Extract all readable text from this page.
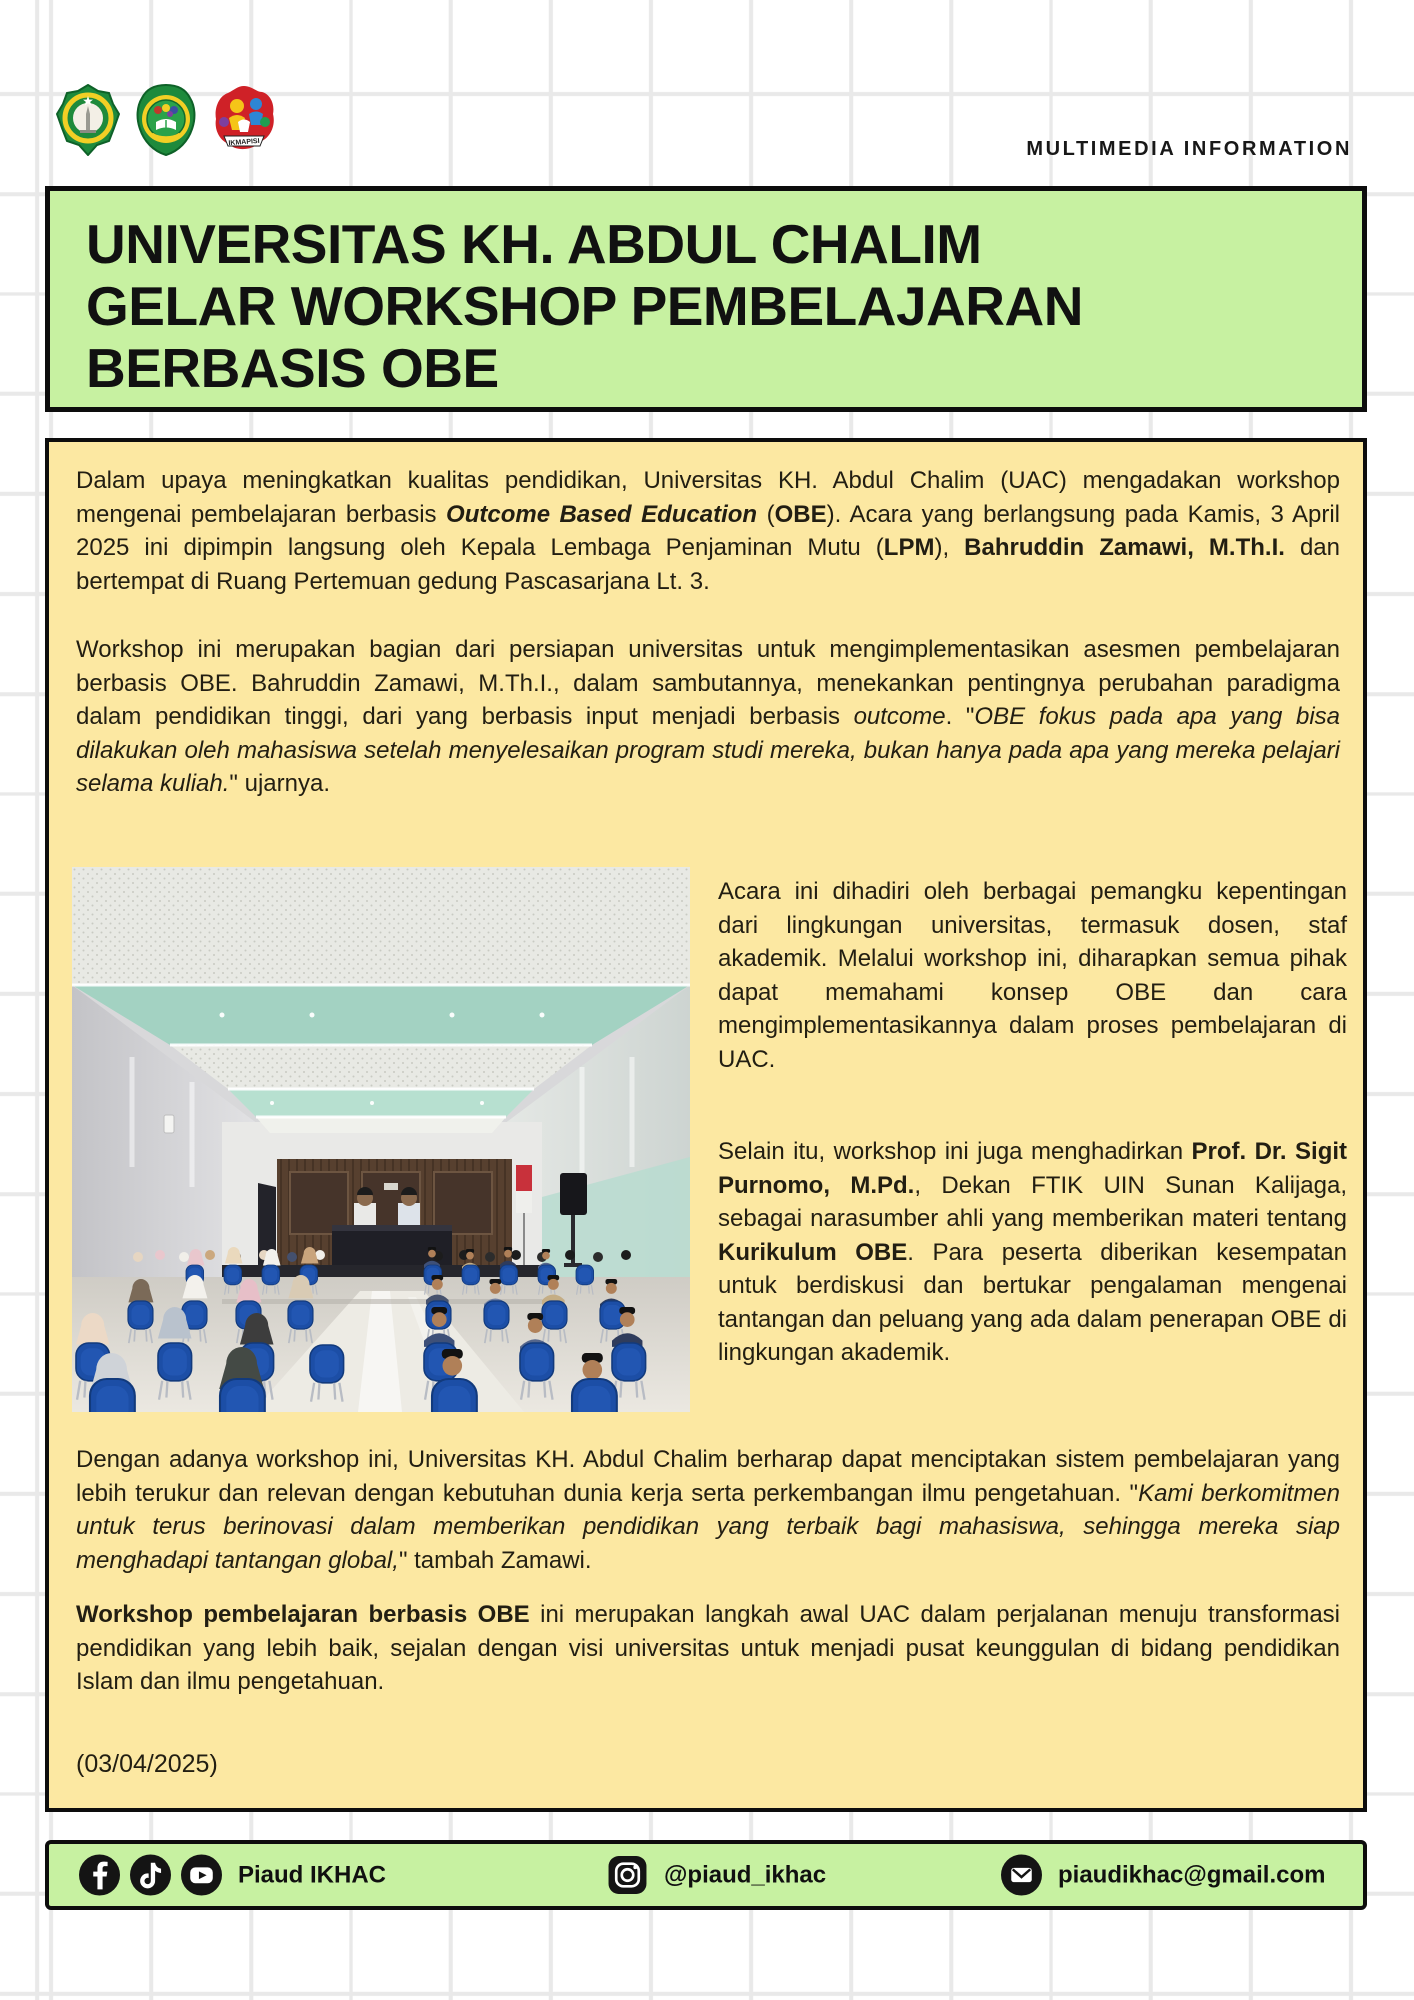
IKMAPISI	MULTIMEDIA INFORMATION
UNIVERSITAS KH. ABDUL CHALIM
GELAR WORKSHOP PEMBELAJARAN
BERBASIS OBE

Dalam upaya meningkatkan kualitas pendidikan, Universitas KH. Abdul Chalim (UAC) mengadakan workshop mengenai pembelajaran berbasis Outcome Based Education (OBE). Acara yang berlangsung pada Kamis, 3 April 2025 ini dipimpin langsung oleh Kepala Lembaga Penjaminan Mutu (LPM), Bahruddin Zamawi, M.Th.I. dan bertempat di Ruang Pertemuan gedung Pascasarjana Lt. 3.

Workshop ini merupakan bagian dari persiapan universitas untuk mengimplementasikan asesmen pembelajaran berbasis OBE. Bahruddin Zamawi, M.Th.I., dalam sambutannya, menekankan pentingnya perubahan paradigma dalam pendidikan tinggi, dari yang berbasis input menjadi berbasis outcome. "OBE fokus pada apa yang bisa dilakukan oleh mahasiswa setelah menyelesaikan program studi mereka, bukan hanya pada apa yang mereka pelajari selama kuliah." ujarnya.

Acara ini dihadiri oleh berbagai pemangku kepentingan dari lingkungan universitas, termasuk dosen, staf akademik. Melalui workshop ini, diharapkan semua pihak dapat memahami konsep OBE dan cara mengimplementasikannya dalam proses pembelajaran di UAC.

Selain itu, workshop ini juga menghadirkan Prof. Dr. Sigit Purnomo, M.Pd., Dekan FTIK UIN Sunan Kalijaga, sebagai narasumber ahli yang memberikan materi tentang Kurikulum OBE. Para peserta diberikan kesempatan untuk berdiskusi dan bertukar pengalaman mengenai tantangan dan peluang yang ada dalam penerapan OBE di lingkungan akademik.

Dengan adanya workshop ini, Universitas KH. Abdul Chalim berharap dapat menciptakan sistem pembelajaran yang lebih terukur dan relevan dengan kebutuhan dunia kerja serta perkembangan ilmu pengetahuan. "Kami berkomitmen untuk terus berinovasi dalam memberikan pendidikan yang terbaik bagi mahasiswa, sehingga mereka siap menghadapi tantangan global," tambah Zamawi.

Workshop pembelajaran berbasis OBE ini merupakan langkah awal UAC dalam perjalanan menuju transformasi pendidikan yang lebih baik, sejalan dengan visi universitas untuk menjadi pusat keunggulan di bidang pendidikan Islam dan ilmu pengetahuan.

(03/04/2025)
Piaud IKHAC	@piaud_ikhac	piaudikhac@gmail.com
